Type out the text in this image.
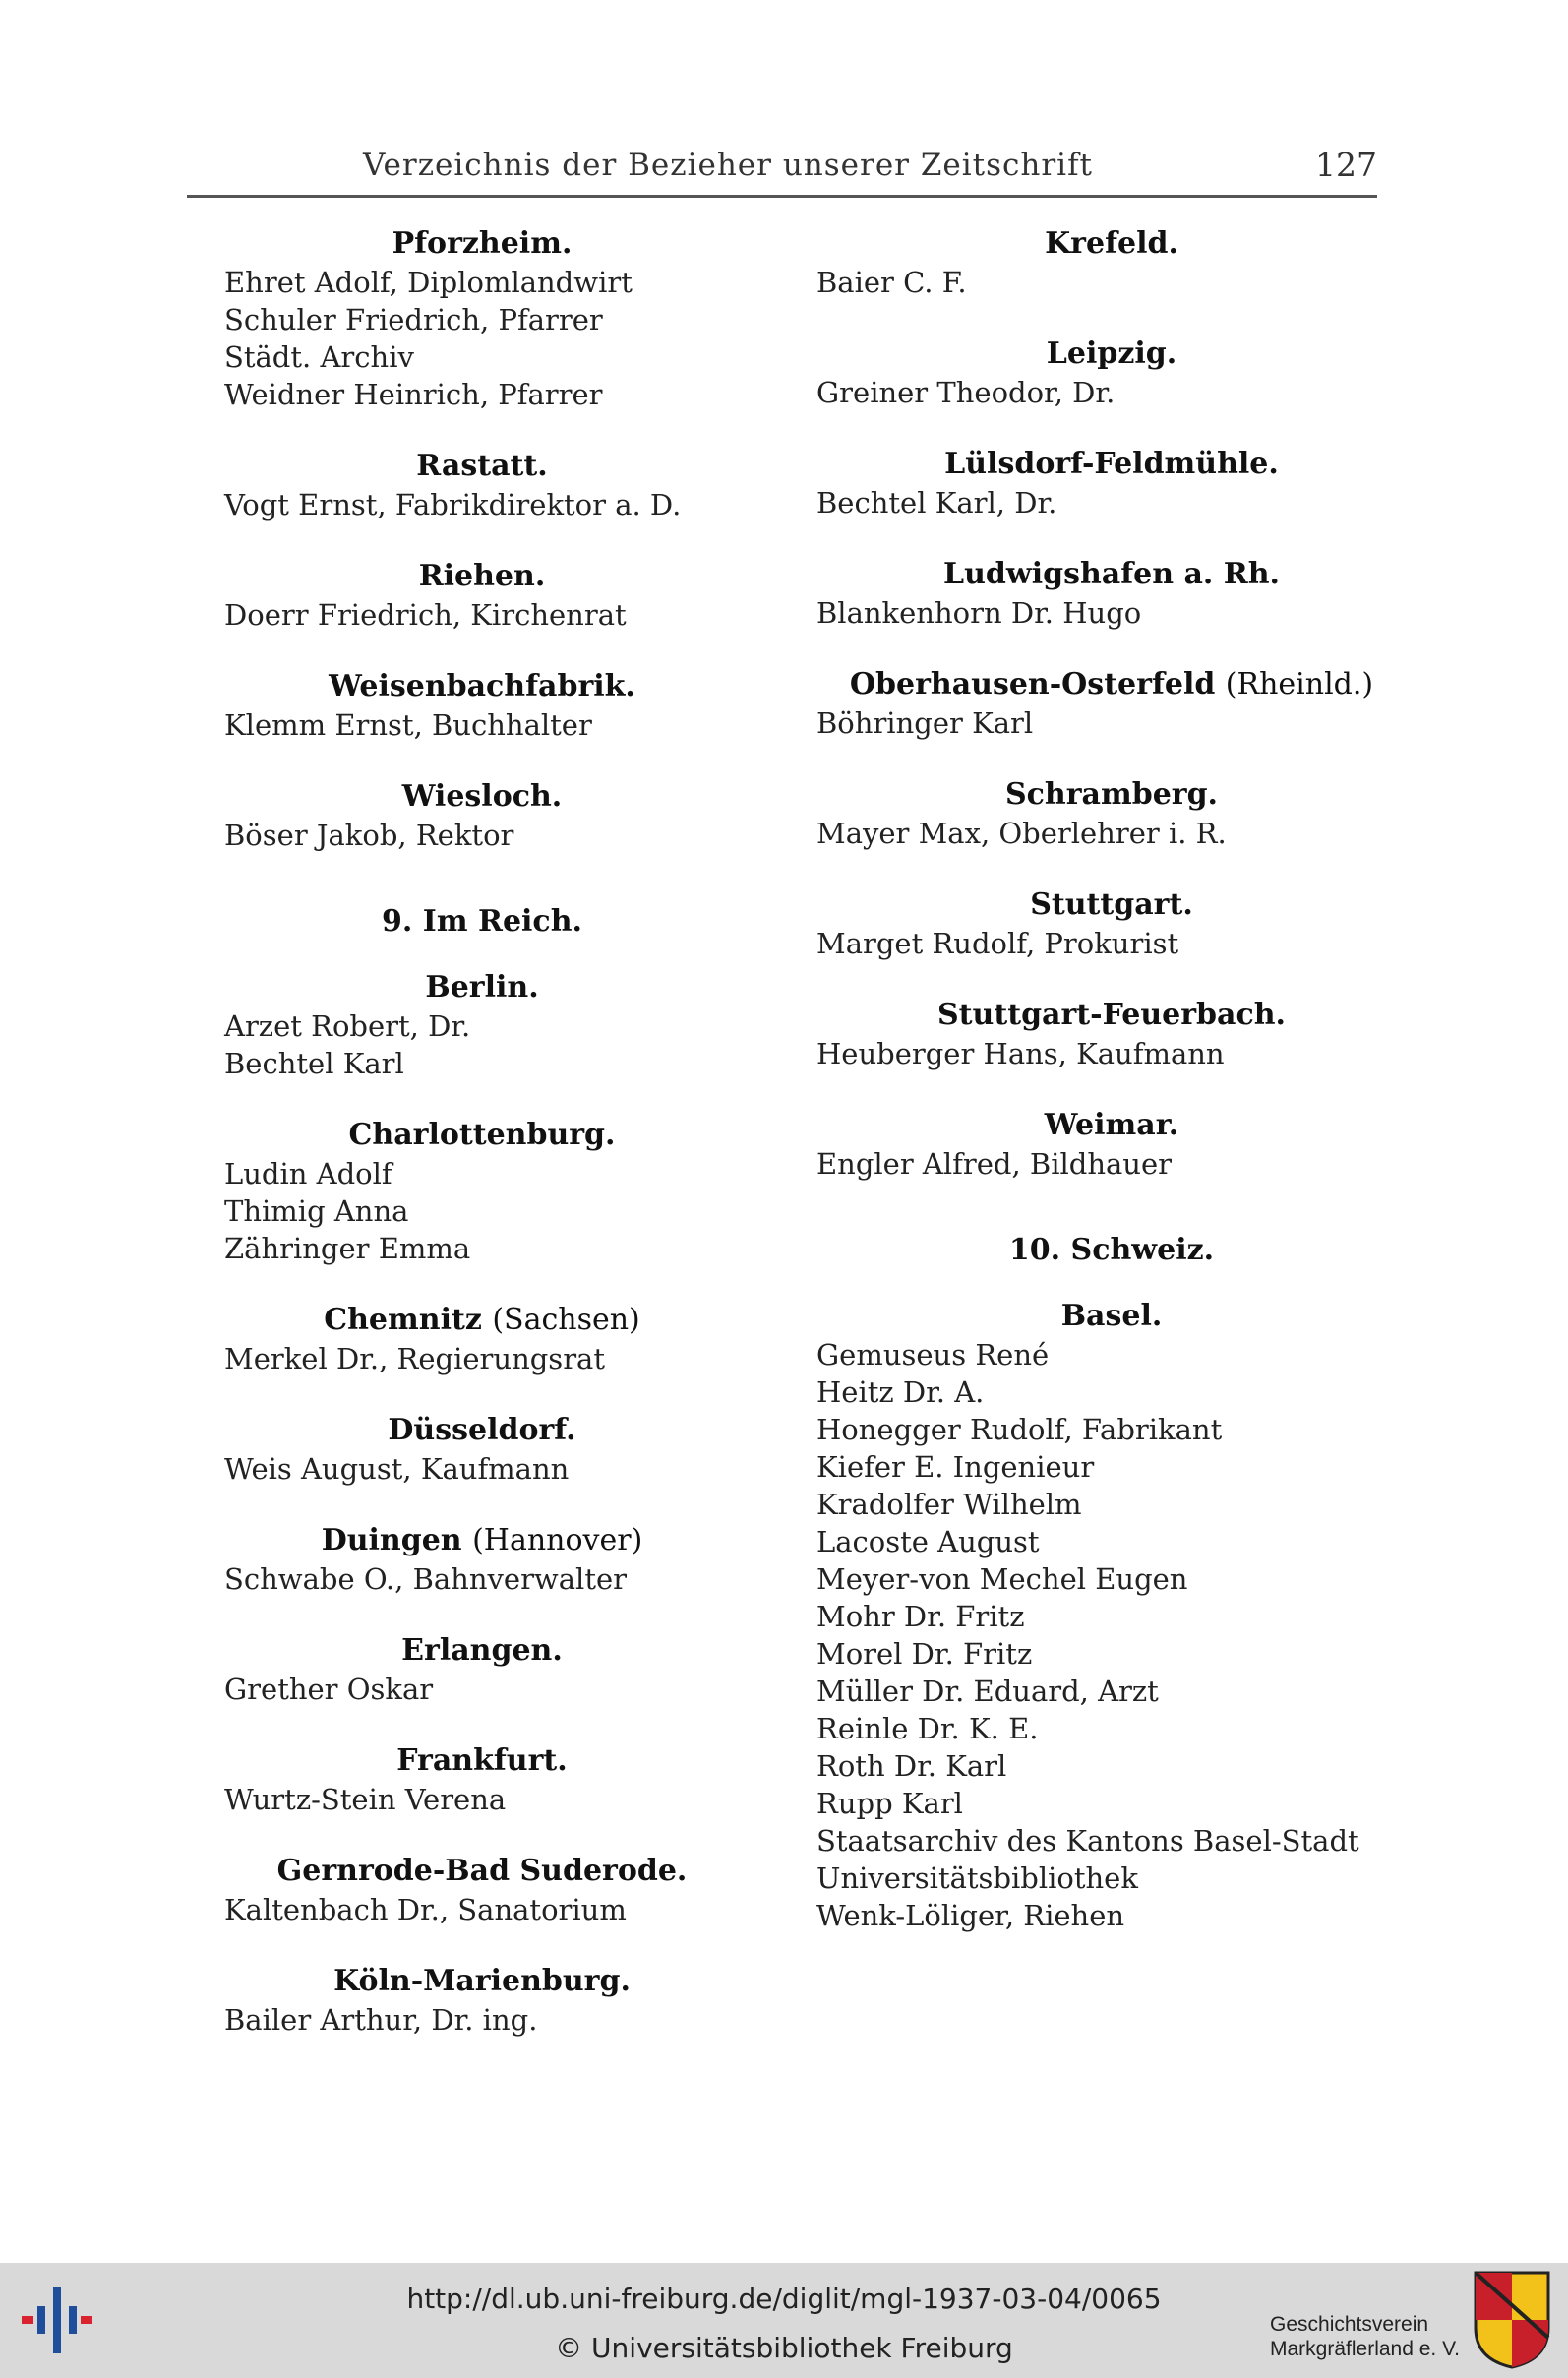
Verzeichnis der Bezieher unserer Zeitschrift	127
Pforzheim.
Ehret Adolf, Diplomlandwirt
Schuler Friedrich, Pfarrer
Städt. Archiv
Weidner Heinrich, Pfarrer
Rastatt.
Vogt Ernst, Fabrikdirektor a. D.
Riehen.
Doerr Friedrich, Kirchenrat
Weisenbachfabrik.
Klemm Ernst, Buchhalter
Wiesloch.
Böser Jakob, Rektor
9. Im Reich.
Berlin.
Arzet Robert, Dr.
Bechtel Karl
Charlottenburg.
Ludin Adolf
Thimig Anna
Zähringer Emma
Chemnitz (Sachsen)
Merkel Dr., Regierungsrat
Düsseldorf.
Weis August, Kaufmann
Duingen (Hannover)
Schwabe O., Bahnverwalter
Erlangen.
Grether Oskar
Frankfurt.
Wurtz-Stein Verena
Gernrode-Bad Suderode.
Kaltenbach Dr., Sanatorium
Köln-Marienburg.
Bailer Arthur, Dr. ing.
Krefeld.
Baier C. F.
Leipzig.
Greiner Theodor, Dr.
Lülsdorf-Feldmühle.
Bechtel Karl, Dr.
Ludwigshafen a. Rh.
Blankenhorn Dr. Hugo
Oberhausen-Osterfeld (Rheinld.)
Böhringer Karl
Schramberg.
Mayer Max, Oberlehrer i. R.
Stuttgart.
Marget Rudolf, Prokurist
Stuttgart-Feuerbach.
Heuberger Hans, Kaufmann
Weimar.
Engler Alfred, Bildhauer
10. Schweiz.
Basel.
Gemuseus René
Heitz Dr. A.
Honegger Rudolf, Fabrikant
Kiefer E. Ingenieur
Kradolfer Wilhelm
Lacoste August
Meyer-von Mechel Eugen
Mohr Dr. Fritz
Morel Dr. Fritz
Müller Dr. Eduard, Arzt
Reinle Dr. K. E.
Roth Dr. Karl
Rupp Karl
Staatsarchiv des Kantons Basel-Stadt
Universitätsbibliothek
Wenk-Löliger, Riehen
http://dl.ub.uni-freiburg.de/diglit/mgl-1937-03-04/0065
© Universitätsbibliothek Freiburg
Geschichtsverein
Markgräflerland e. V.
